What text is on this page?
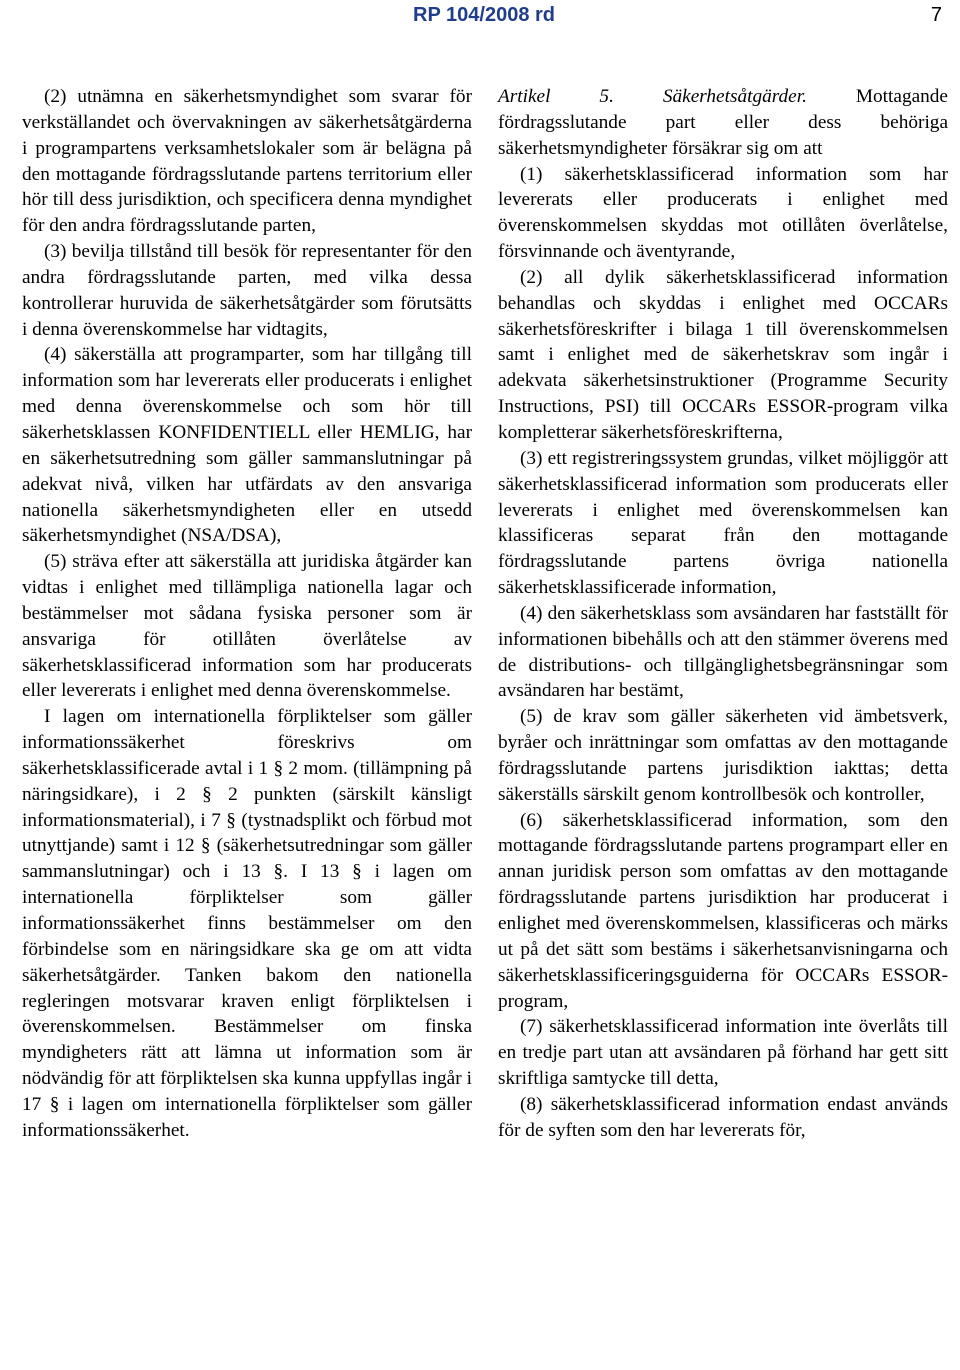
RP 104/2008 rd	7

(2) utnämna en säkerhetsmyndighet som svarar för verkställandet och övervakningen av säkerhetsåtgärderna i programpartens verksamhetslokaler som är belägna på den mottagande fördragsslutande partens territorium eller hör till dess jurisdiktion, och specificera denna myndighet för den andra fördragsslutande parten,

(3) bevilja tillstånd till besök för representanter för den andra fördragsslutande parten, med vilka dessa kontrollerar huruvida de säkerhetsåtgärder som förutsätts i denna överenskommelse har vidtagits,

(4) säkerställa att programparter, som har tillgång till information som har levererats eller producerats i enlighet med denna överenskommelse och som hör till säkerhetsklassen KONFIDENTIELL eller HEMLIG, har en säkerhetsutredning som gäller sammanslutningar på adekvat nivå, vilken har utfärdats av den ansvariga nationella säkerhetsmyndigheten eller en utsedd säkerhetsmyndighet (NSA/DSA),

(5) sträva efter att säkerställa att juridiska åtgärder kan vidtas i enlighet med tillämpliga nationella lagar och bestämmelser mot sådana fysiska personer som är ansvariga för otillåten överlåtelse av säkerhetsklassificerad information som har producerats eller levererats i enlighet med denna överenskommelse.

I lagen om internationella förpliktelser som gäller informationssäkerhet föreskrivs om säkerhetsklassificerade avtal i 1 § 2 mom. (tillämpning på näringsidkare), i 2 § 2 punkten (särskilt känsligt informationsmaterial), i 7 § (tystnadsplikt och förbud mot utnyttjande) samt i 12 § (säkerhetsutredningar som gäller sammanslutningar) och i 13 §. I 13 § i lagen om internationella förpliktelser som gäller informationssäkerhet finns bestämmelser om den förbindelse som en näringsidkare ska ge om att vidta säkerhetsåtgärder. Tanken bakom den nationella regleringen motsvarar kraven enligt förpliktelsen i överenskommelsen. Bestämmelser om finska myndigheters rätt att lämna ut information som är nödvändig för att förpliktelsen ska kunna uppfyllas ingår i 17 § i lagen om internationella förpliktelser som gäller informationssäkerhet.

Artikel 5. Säkerhetsåtgärder.	Mottagande fördragsslutande part eller dess behöriga säkerhetsmyndigheter försäkrar sig om att

(1) säkerhetsklassificerad information som har levererats eller producerats i enlighet med överenskommelsen skyddas mot otillåten överlåtelse, försvinnande och äventyrande,

(2) all dylik säkerhetsklassificerad information behandlas och skyddas i enlighet med OCCARs säkerhetsföreskrifter i bilaga 1 till överenskommelsen samt i enlighet med de säkerhetskrav som ingår i adekvata säkerhetsinstruktioner (Programme Security Instructions, PSI) till OCCARs ESSOR-program vilka kompletterar säkerhetsföreskrifterna,

(3) ett registreringssystem grundas, vilket möjliggör att säkerhetsklassificerad information som producerats eller levererats i enlighet med överenskommelsen kan klassificeras separat från den mottagande fördragsslutande partens övriga nationella säkerhetsklassificerade information,

(4) den säkerhetsklass som avsändaren har fastställt för informationen bibehålls och att den stämmer överens med de distributions- och tillgänglighetsbegränsningar som avsändaren har bestämt,

(5) de krav som gäller säkerheten vid ämbetsverk, byråer och inrättningar som omfattas av den mottagande fördragsslutande partens jurisdiktion iakttas; detta säkerställs särskilt genom kontrollbesök och kontroller,

(6) säkerhetsklassificerad information, som den mottagande fördragsslutande partens programpart eller en annan juridisk person som omfattas av den mottagande fördragsslutande partens jurisdiktion har producerat i enlighet med överenskommelsen, klassificeras och märks ut på det sätt som bestäms i säkerhetsanvisningarna och säkerhetsklassificeringsguiderna för OCCARs ESSOR-program,

(7) säkerhetsklassificerad information inte överlåts till en tredje part utan att avsändaren på förhand har gett sitt skriftliga samtycke till detta,

(8) säkerhetsklassificerad information endast används för de syften som den har levererats för,
